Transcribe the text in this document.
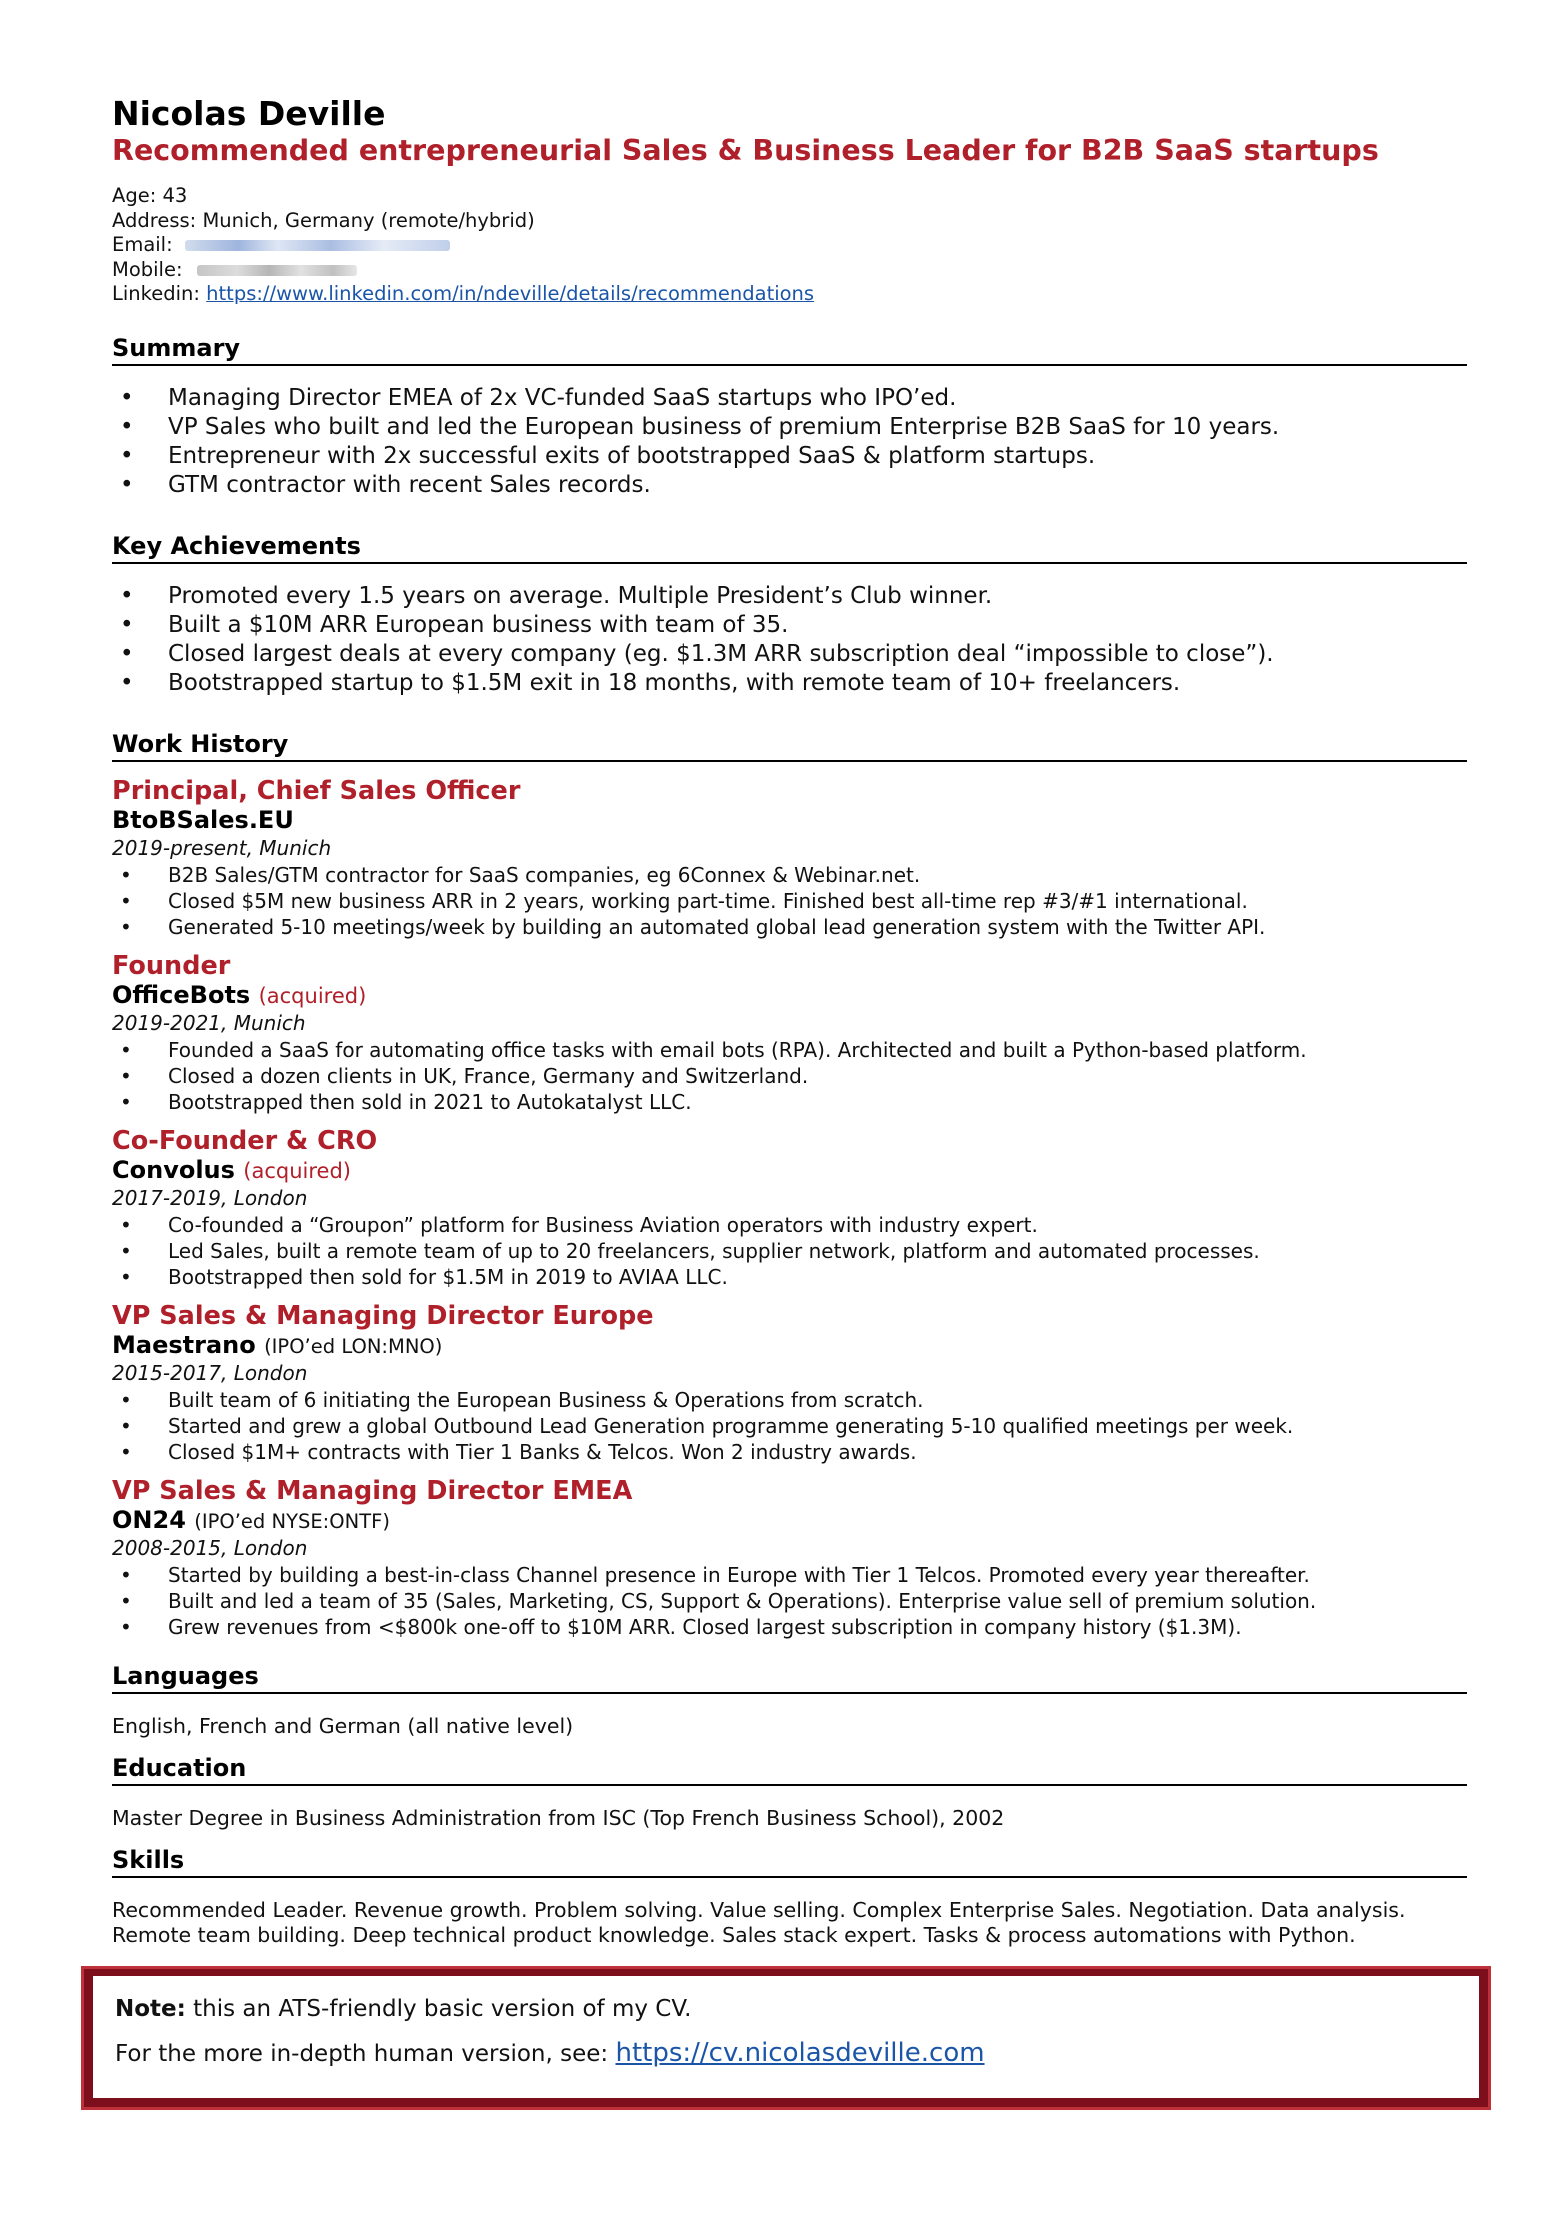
Nicolas Deville
Recommended entrepreneurial Sales & Business Leader for B2B SaaS startups
Age: 43
Address: Munich, Germany (remote/hybrid)
Email:
Mobile:
Linkedin: https://www.linkedin.com/in/ndeville/details/recommendations
Summary
• Managing Director EMEA of 2x VC-funded SaaS startups who IPO’ed.
• VP Sales who built and led the European business of premium Enterprise B2B SaaS for 10 years.
• Entrepreneur with 2x successful exits of bootstrapped SaaS & platform startups.
• GTM contractor with recent Sales records.
Key Achievements
• Promoted every 1.5 years on average. Multiple President’s Club winner.
• Built a $10M ARR European business with team of 35.
• Closed largest deals at every company (eg. $1.3M ARR subscription deal “impossible to close”).
• Bootstrapped startup to $1.5M exit in 18 months, with remote team of 10+ freelancers.
Work History
Principal, Chief Sales Officer
BtoBSales.EU
2019-present, Munich
• B2B Sales/GTM contractor for SaaS companies, eg 6Connex & Webinar.net.
• Closed $5M new business ARR in 2 years, working part-time. Finished best all-time rep #3/#1 international.
• Generated 5-10 meetings/week by building an automated global lead generation system with the Twitter API.
Founder
OfficeBots (acquired)
2019-2021, Munich
• Founded a SaaS for automating office tasks with email bots (RPA). Architected and built a Python-based platform.
• Closed a dozen clients in UK, France, Germany and Switzerland.
• Bootstrapped then sold in 2021 to Autokatalyst LLC.
Co-Founder & CRO
Convolus (acquired)
2017-2019, London
• Co-founded a “Groupon” platform for Business Aviation operators with industry expert.
• Led Sales, built a remote team of up to 20 freelancers, supplier network, platform and automated processes.
• Bootstrapped then sold for $1.5M in 2019 to AVIAA LLC.
VP Sales & Managing Director Europe
Maestrano (IPO’ed LON:MNO)
2015-2017, London
• Built team of 6 initiating the European Business & Operations from scratch.
• Started and grew a global Outbound Lead Generation programme generating 5-10 qualified meetings per week.
• Closed $1M+ contracts with Tier 1 Banks & Telcos. Won 2 industry awards.
VP Sales & Managing Director EMEA
ON24 (IPO’ed NYSE:ONTF)
2008-2015, London
• Started by building a best-in-class Channel presence in Europe with Tier 1 Telcos. Promoted every year thereafter.
• Built and led a team of 35 (Sales, Marketing, CS, Support & Operations). Enterprise value sell of premium solution.
• Grew revenues from <$800k one-off to $10M ARR. Closed largest subscription in company history ($1.3M).
Languages
English, French and German (all native level)
Education
Master Degree in Business Administration from ISC (Top French Business School), 2002
Skills
Recommended Leader. Revenue growth. Problem solving. Value selling. Complex Enterprise Sales. Negotiation. Data analysis.
Remote team building. Deep technical product knowledge. Sales stack expert. Tasks & process automations with Python.
Note: this an ATS-friendly basic version of my CV.
For the more in-depth human version, see: https://cv.nicolasdeville.com
